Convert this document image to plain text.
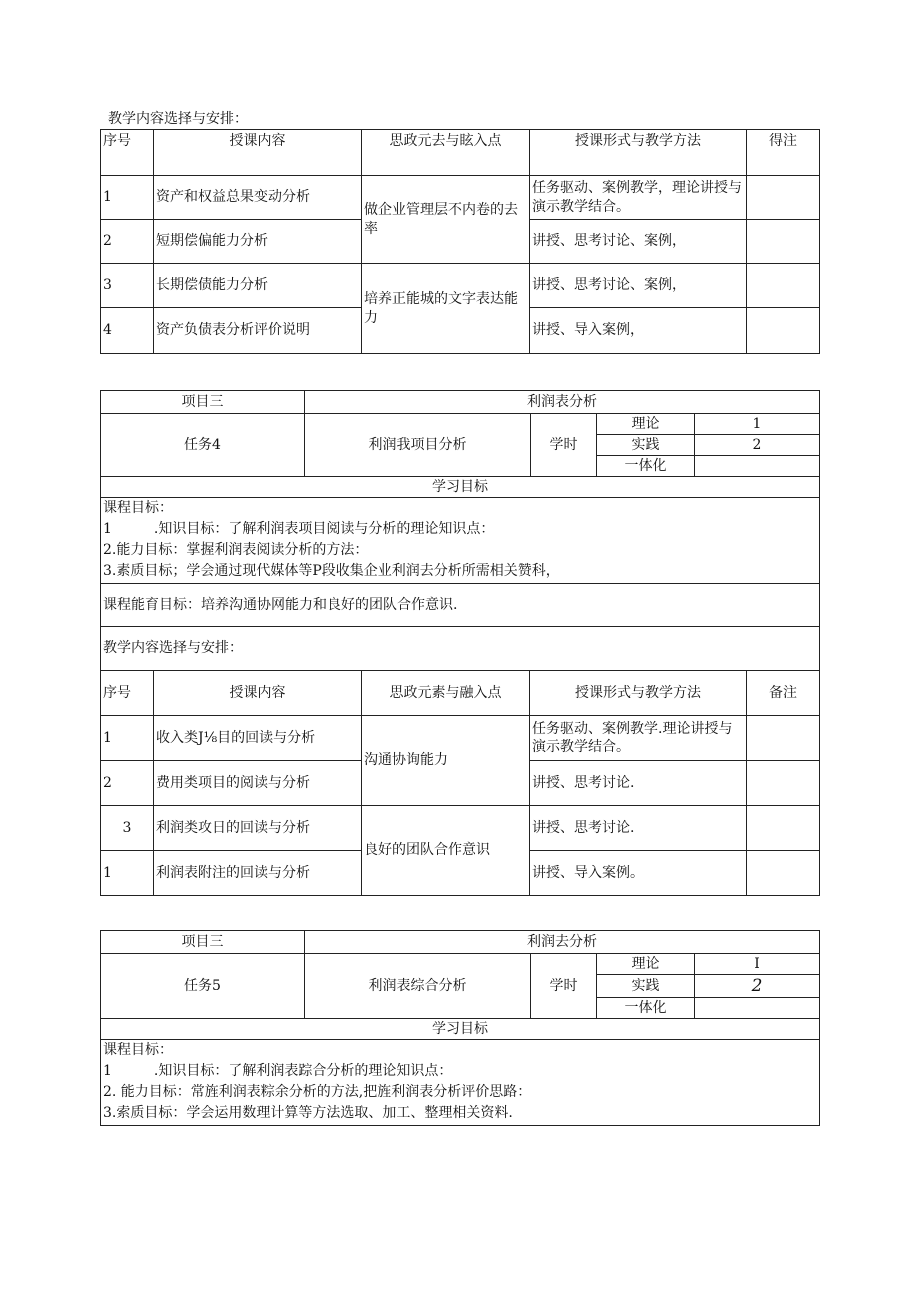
教学内容选择与安排：
序号	授课内容	思政元去与眩入点	授课形式与教学方法	得注
1	资产和权益总果变动分析	做企业管理层不内卷的去率	任务驱动、案例教学，理论讲授与演示教学结合。	
2	短期偿偏能力分析		讲授、思考讨论、案例，	
3	长期偿债能力分析	培养正能城的文字表达能力	讲授、思考讨论、案例，	
4	资产负债表分析评价说明		讲授、导入案例，	
项目三	利润表分析			
任务4	利润我项目分析	学时	理论	1
			实践	2
			一体化	
学习目标				

课程目标：
1　　　.知识目标：了解利润表项目阅读与分析的理论知识点：
2.能力目标：掌握利润表阅读分析的方法：
3.素质目标；学会通过现代媒体等P段收集企业利润去分析所需相关赞科，				

课程能育目标：培养沟通协网能力和良好的团队合作意识.				
教学内容选择与安排：				
序号	授课内容	思政元素与融入点	授课形式与教学方法	备注
1	收入类J⅛目的回读与分析	沟通协询能力	任务驱动、案例教学.理论讲授与演示教学结合。	
2	费用类项目的阅读与分析		讲授、思考讨论.	
3	利润类攻日的回读与分析	良好的团队合作意识	讲授、思考讨论.	
1	利润表附注的回读与分析		讲授、导入案例。	
项目三	利润去分析			
任务5	利润表综合分析	学时	理论	I
			实践	2
			一体化	
学习目标				

课程目标：
1　　　.知识目标：了解利润表踪合分析的理论知识点：
2. 能力目标：常旌利润表粽余分析的方法,把旌利润表分析评价思路：
3.索质目标：学会运用数理计算等方法选取、加工、整理相关资料.				
